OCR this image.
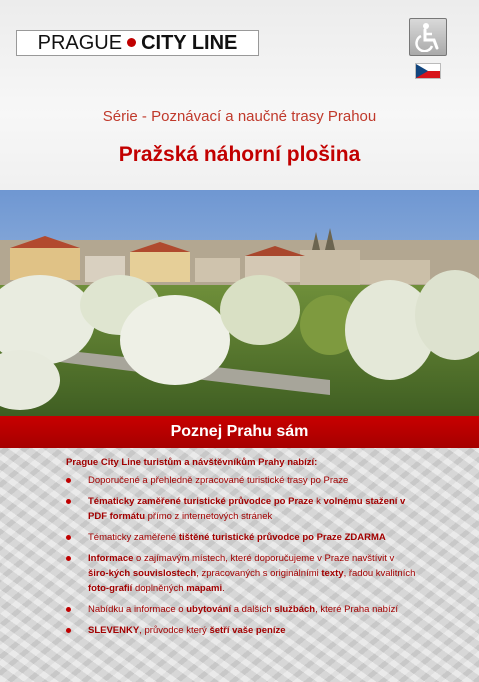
PRAGUE CITY LINE
Série - Poznávací a naučné trasy Prahou
Pražská náhorní plošina
Poznej Prahu sám
Prague City Line turistům a návštěvníkům Prahy nabízí:
Doporučené a přehledně zpracované turistické trasy po Praze
Tématicky zaměřené turistické průvodce po Praze k volnému stažení v PDF formátu přímo z internetových stránek
Tématicky zaměřené tištěné turistické průvodce po Praze ZDARMA
Informace o zajímavým místech, které doporučujeme v Praze navštívit v širo-kých souvislostech, zpracovaných s originálními texty, řadou kvalitních foto-grafií doplněných mapami.
Nabídku a informace o ubytování a dalších službách, které Praha nabízí
SLEVENKY, průvodce který šetří vaše peníze
